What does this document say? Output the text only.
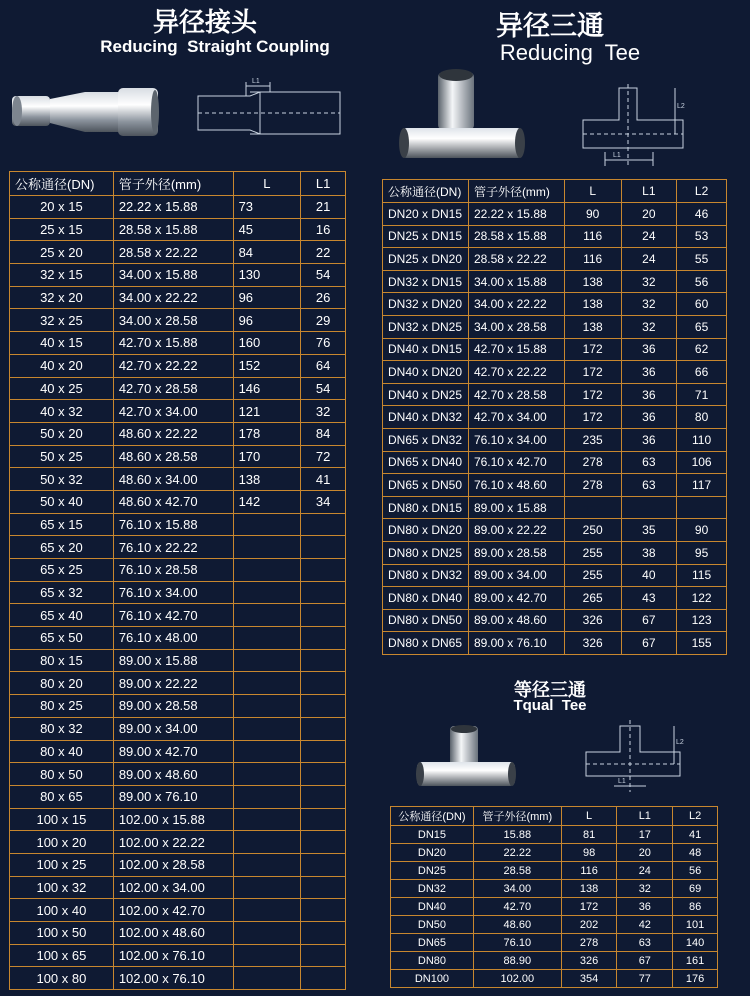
异径接头
Reducing  Straight Coupling
L1
公称通径(DN)	管子外径(mm)	L	L1
20 x 15	22.22 x 15.88	73	21
25 x 15	28.58 x 15.88	45	16
25 x 20	28.58 x 22.22	84	22
32 x 15	34.00 x 15.88	130	54
32 x 20	34.00 x 22.22	96	26
32 x 25	34.00 x 28.58	96	29
40 x 15	42.70 x 15.88	160	76
40 x 20	42.70 x 22.22	152	64
40 x 25	42.70 x 28.58	146	54
40 x 32	42.70 x 34.00	121	32
50 x 20	48.60 x 22.22	178	84
50 x 25	48.60 x 28.58	170	72
50 x 32	48.60 x 34.00	138	41
50 x 40	48.60 x 42.70	142	34
65 x 15	76.10 x 15.88		
65 x 20	76.10 x 22.22		
65 x 25	76.10 x 28.58		
65 x 32	76.10 x 34.00		
65 x 40	76.10 x 42.70		
65 x 50	76.10 x 48.00		
80 x 15	89.00 x 15.88		
80 x 20	89.00 x 22.22		
80 x 25	89.00 x 28.58		
80 x 32	89.00 x 34.00		
80 x 40	89.00 x 42.70		
80 x 50	89.00 x 48.60		
80 x 65	89.00 x 76.10		
100 x 15	102.00 x 15.88		
100 x 20	102.00 x 22.22		
100 x 25	102.00 x 28.58		
100 x 32	102.00 x 34.00		
100 x 40	102.00 x 42.70		
100 x 50	102.00 x 48.60		
100 x 65	102.00 x 76.10		
100 x 80	102.00 x 76.10		
异径三通
Reducing  Tee
L2
L1
公称通径(DN)	管子外径(mm)	L	L1	L2
DN20 x DN15	22.22 x 15.88	90	20	46
DN25 x DN15	28.58 x 15.88	116	24	53
DN25 x DN20	28.58 x 22.22	116	24	55
DN32 x DN15	34.00 x 15.88	138	32	56
DN32 x DN20	34.00 x 22.22	138	32	60
DN32 x DN25	34.00 x 28.58	138	32	65
DN40 x DN15	42.70 x 15.88	172	36	62
DN40 x DN20	42.70 x 22.22	172	36	66
DN40 x DN25	42.70 x 28.58	172	36	71
DN40 x DN32	42.70 x 34.00	172	36	80
DN65 x DN32	76.10 x 34.00	235	36	110
DN65 x DN40	76.10 x 42.70	278	63	106
DN65 x DN50	76.10 x 48.60	278	63	117
DN80 x DN15	89.00 x 15.88			
DN80 x DN20	89.00 x 22.22	250	35	90
DN80 x DN25	89.00 x 28.58	255	38	95
DN80 x DN32	89.00 x 34.00	255	40	115
DN80 x DN40	89.00 x 42.70	265	43	122
DN80 x DN50	89.00 x 48.60	326	67	123
DN80 x DN65	89.00 x 76.10	326	67	155
等径三通
Tqual  Tee
L2
L1
公称通径(DN)	管子外径(mm)	L	L1	L2
DN15	15.88	81	17	41
DN20	22.22	98	20	48
DN25	28.58	116	24	56
DN32	34.00	138	32	69
DN40	42.70	172	36	86
DN50	48.60	202	42	101
DN65	76.10	278	63	140
DN80	88.90	326	67	161
DN100	102.00	354	77	176
